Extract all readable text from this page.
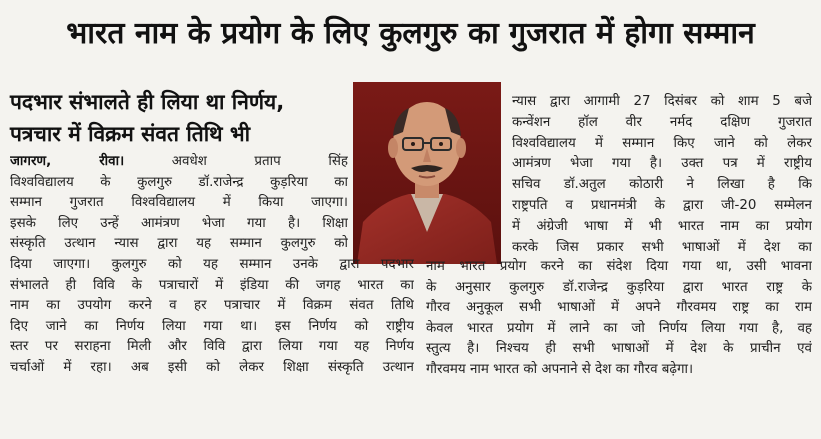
भारत नाम के प्रयोग के लिए कुलगुरु का गुजरात में होगा सम्मान
पदभार संभालते ही लिया था निर्णय,
पत्रचार में विक्रम संवत तिथि भी
जागरण, रीवा।	अवधेश प्रताप सिंह
विश्वविद्यालय के कुलगुरु डॉ.राजेन्द्र कुड़रिया का
सम्मान गुजरात विश्वविद्यालय में किया जाएगा।
इसके लिए उन्हें आमंत्रण भेजा गया है। शिक्षा
संस्कृति उत्थान न्यास द्वारा यह सम्मान कुलगुरु को
दिया जाएगा। कुलगुरु को यह सम्मान उनके द्वारा पदभार
संभालते ही विवि के पत्राचारों में इंडिया की जगह भारत का
नाम का उपयोग करने व हर पत्राचार में विक्रम संवत तिथि
दिए जाने का निर्णय लिया गया था। इस निर्णय को राष्ट्रीय
स्तर पर सराहना मिली और विवि द्वारा लिया गया यह निर्णय
चर्चाओं में रहा। अब इसी को लेकर शिक्षा संस्कृति उत्थान
न्यास द्वारा आगामी 27 दिसंबर को शाम 5 बजे
कन्वेंशन हॉल वीर नर्मद दक्षिण गुजरात
विश्वविद्यालय में सम्मान किए जाने को लेकर
आमंत्रण भेजा गया है। उक्त पत्र में राष्ट्रीय
सचिव डॉ.अतुल कोठारी ने लिखा है कि
राष्ट्रपति व प्रधानमंत्री के द्वारा जी-20 सम्मेलन
में अंग्रेजी भाषा में भी भारत नाम का प्रयोग
करके जिस प्रकार सभी भाषाओं में देश का
नाम भारत प्रयोग करने का संदेश दिया गया था, उसी भावना
के अनुसार कुलगुरु डॉ.राजेन्द्र कुड़रिया द्वारा भारत राष्ट्र के
गौरव अनुकूल सभी भाषाओं में अपने गौरवमय राष्ट्र का राम
केवल भारत प्रयोग में लाने का जो निर्णय लिया गया है, वह
स्तुत्य है। निश्चय ही सभी भाषाओं में देश के प्राचीन एवं
गौरवमय नाम भारत को अपनाने से देश का गौरव बढ़ेगा।
